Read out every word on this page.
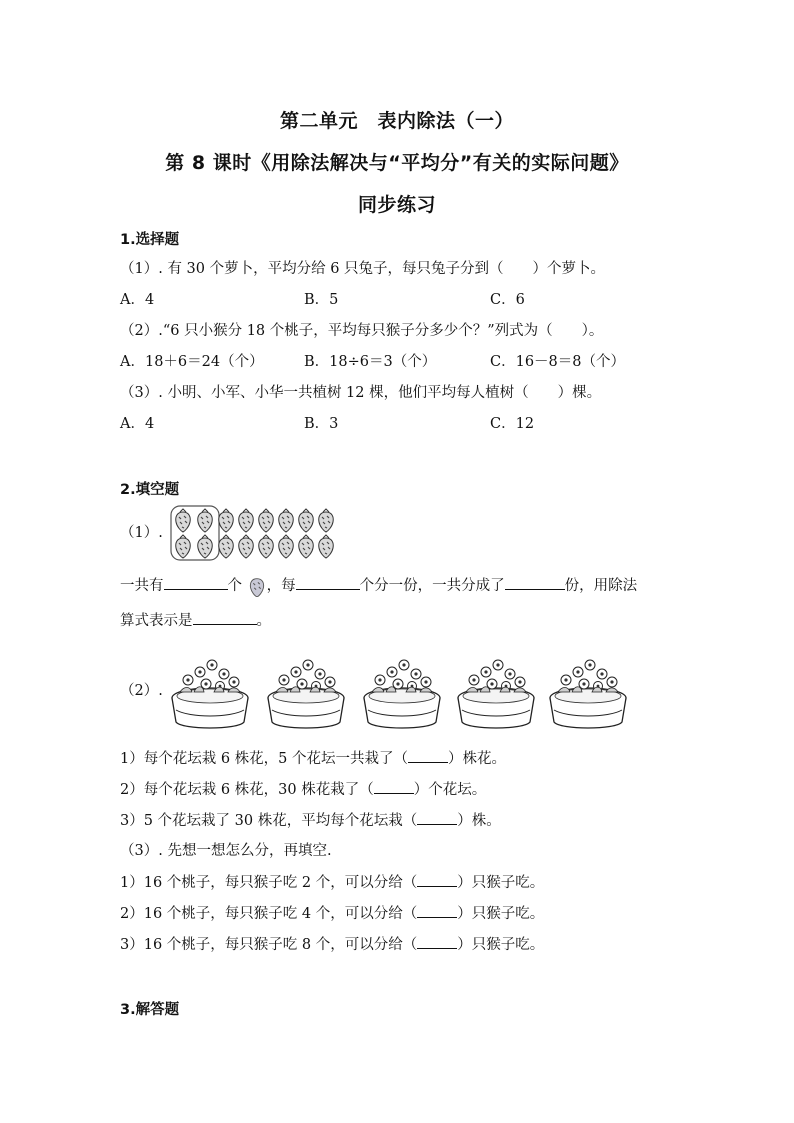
第二单元　表内除法（一）
第 8 课时《用除法解决与“平均分”有关的实际问题》
同步练习
1.选择题
（1）. 有 30 个萝卜，平均分给 6 只兔子，每只兔子分到（　　）个萝卜。
A．4	B．5	C．6
（2）.“6 只小猴分 18 个桃子，平均每只猴子分多少个？”列式为（　　）。
A．18＋6＝24（个）	B．18÷6＝3（个）	C．16－8＝8（个）
（3）. 小明、小军、小华一共植树 12 棵，他们平均每人植树（　　）棵。
A．4	B．3	C．12
2.填空题
（1）.
一共有	个 ，每	个分一份，一共分成了	份，用除法
算式表示是	。
（2）.
1）每个花坛栽 6 株花，5 个花坛一共栽了（	）株花。
2）每个花坛栽 6 株花，30 株花栽了（	）个花坛。
3）5 个花坛栽了 30 株花，平均每个花坛栽（	）株。
（3）. 先想一想怎么分，再填空.
1）16 个桃子，每只猴子吃 2 个，可以分给（	）只猴子吃。
2）16 个桃子，每只猴子吃 4 个，可以分给（	）只猴子吃。
3）16 个桃子，每只猴子吃 8 个，可以分给（	）只猴子吃。
3.解答题
